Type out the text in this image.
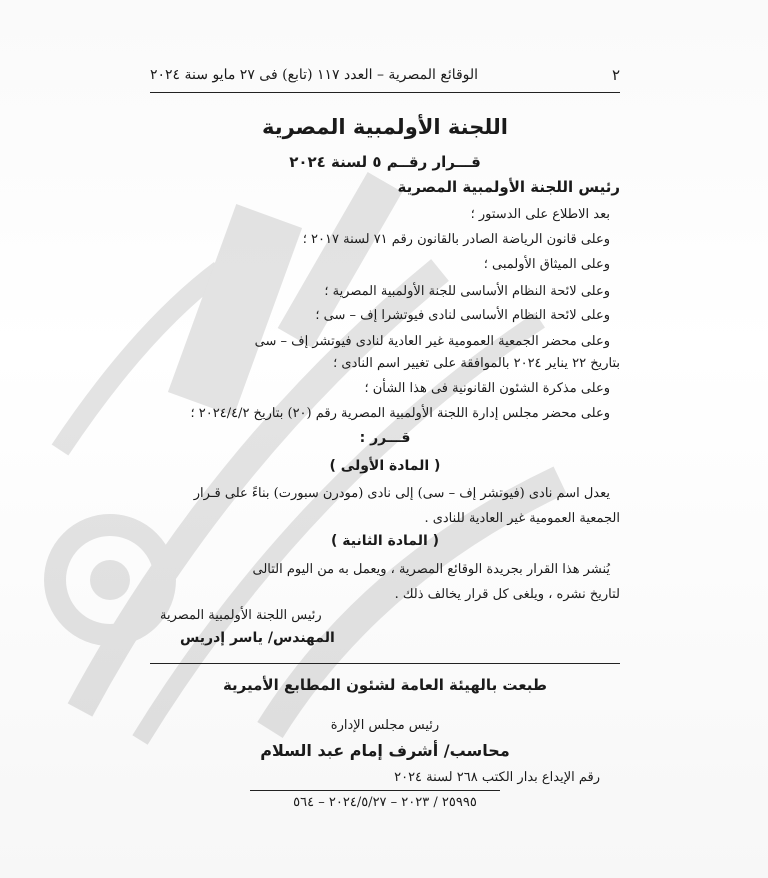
٢
الوقائع المصرية – العدد ١١٧ (تابع) فى ٢٧ مايو سنة ٢٠٢٤
اللجنة الأولمبية المصرية
قـــرار رقــم ٥ لسنة ٢٠٢٤
رئيس اللجنة الأولمبية المصرية
بعد الاطلاع على الدستور ؛
وعلى قانون الرياضة الصادر بالقانون رقم ٧١ لسنة ٢٠١٧ ؛
وعلى الميثاق الأولمبى ؛
وعلى لائحة النظام الأساسى للجنة الأولمبية المصرية ؛
وعلى لائحة النظام الأساسى لنادى فيوتشرا إف – سى ؛
وعلى محضر الجمعية العمومية غير العادية لنادى فيوتشر إف – سى
بتاريخ ٢٢ يناير ٢٠٢٤ بالموافقة على تغيير اسم النادى ؛
وعلى مذكرة الشئون القانونية فى هذا الشأن ؛
وعلى محضر مجلس إدارة اللجنة الأولمبية المصرية رقم (٢٠) بتاريخ ٢٠٢٤/٤/٢ ؛
قـــرر :
( المادة الأولى )
يعدل اسم نادى (فيوتشر إف – سى) إلى نادى (مودرن سبورت) بناءً على قـرار
الجمعية العمومية غير العادية للنادى .
( المادة الثانية )
يُنشر هذا القرار بجريدة الوقائع المصرية ، ويعمل به من اليوم التالى
لتاريخ نشره ، ويلغى كل قرار يخالف ذلك .
رئيس اللجنة الأولمبية المصرية
المهندس/ ياسر إدريس
طبعت بالهيئة العامة لشئون المطابع الأميرية
رئيس مجلس الإدارة
محاسب/ أشرف إمام عبد السلام
رقم الإيداع بدار الكتب ٢٦٨ لسنة ٢٠٢٤
٢٥٩٩٥ / ٢٠٢٣ – ٢٠٢٤/٥/٢٧ – ٥٦٤
